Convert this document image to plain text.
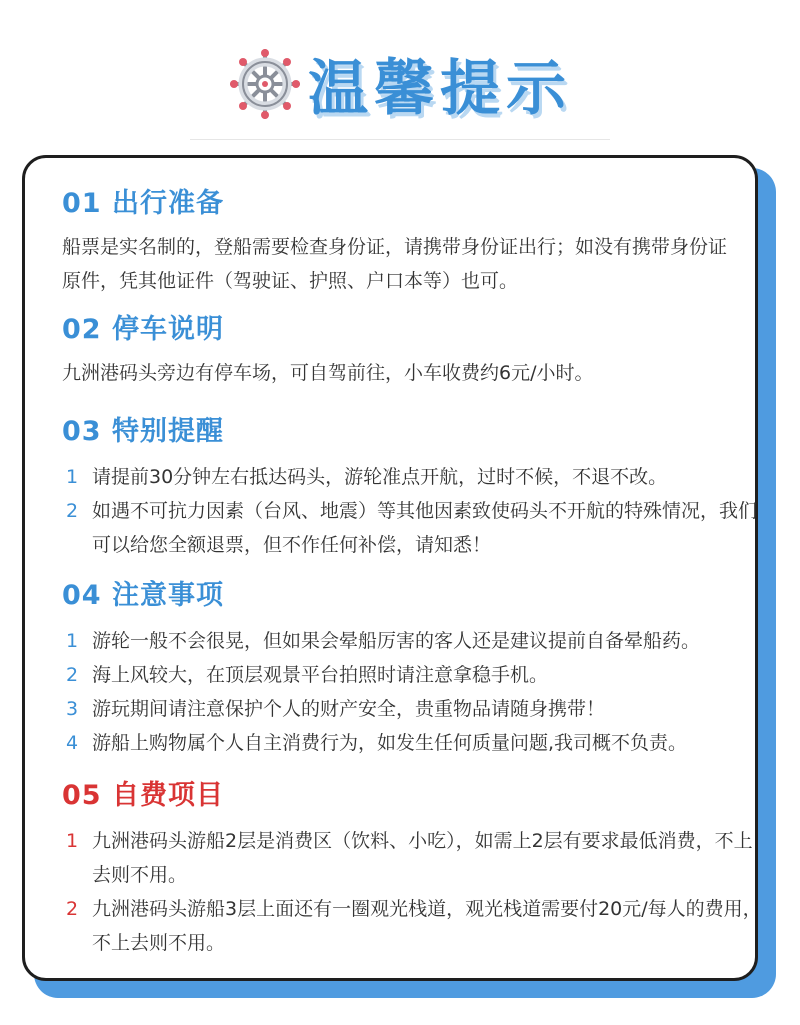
温馨提示
01 出行准备
船票是实名制的，登船需要检查身份证，请携带身份证出行；如没有携带身份证原件，凭其他证件（驾驶证、护照、户口本等）也可。
02 停车说明
九洲港码头旁边有停车场，可自驾前往，小车收费约6元/小时。
03 特别提醒
1 请提前30分钟左右抵达码头，游轮准点开航，过时不候，不退不改。
2 如遇不可抗力因素（台风、地震）等其他因素致使码头不开航的特殊情况，我们可以给您全额退票，但不作任何补偿，请知悉！
04 注意事项
1 游轮一般不会很晃，但如果会晕船厉害的客人还是建议提前自备晕船药。
2 海上风较大，在顶层观景平台拍照时请注意拿稳手机。
3 游玩期间请注意保护个人的财产安全，贵重物品请随身携带！
4 游船上购物属个人自主消费行为，如发生任何质量问题,我司概不负责。
05 自费项目
1 九洲港码头游船2层是消费区（饮料、小吃），如需上2层有要求最低消费，不上去则不用。
2 九洲港码头游船3层上面还有一圈观光栈道，观光栈道需要付20元/每人的费用，不上去则不用。
